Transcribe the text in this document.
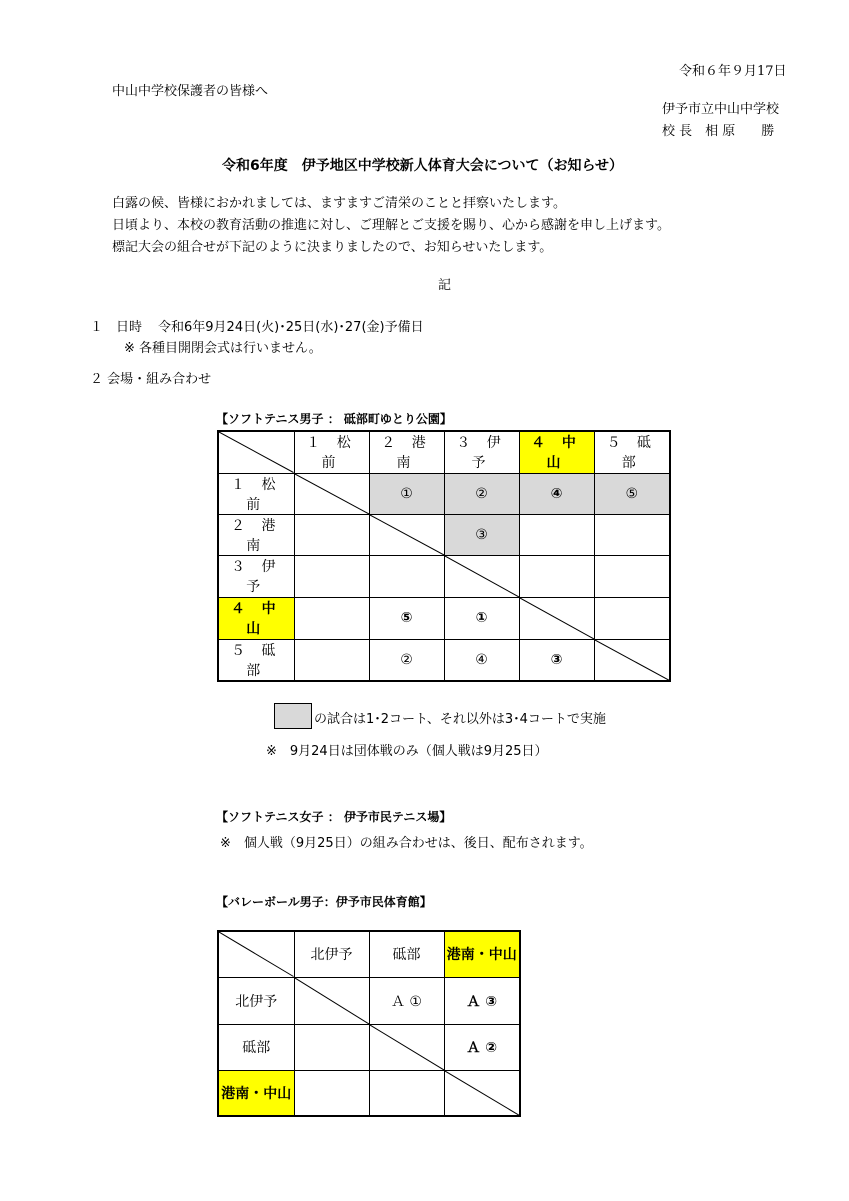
令和６年９月17日
中山中学校保護者の皆様へ
伊予市立中山中学校
校 長　相 原　　勝
令和6年度　伊予地区中学校新人体育大会について（お知らせ）
白露の候、皆様におかれましては、ますますご清栄のことと拝察いたします。
日頃より、本校の教育活動の推進に対し、ご理解とご支援を賜り、心から感謝を申し上げます。
標記大会の組合せが下記のように決まりましたので、お知らせいたします。
記
１　日時 令和6年9月24日(火)･25日(水)･27(金)予備日
※ 各種目開閉会式は行いません。
２ 会場・組み合わせ
【ソフトテニス男子 ： 砥部町ゆとり公園】
	１ 松 前	２ 港 南	３ 伊 予	４ 中 山	５ 砥 部
１ 松 前		①	②	④	⑤
２ 港 南			③		
３ 伊 予			

４ 中 山		⑤	①	

５ 砥 部		②	④	③	
の試合は1･2コート、それ以外は3･4コートで実施
※　9月24日は団体戦のみ（個人戦は9月25日）
【ソフトテニス女子 ： 伊予市民テニス場】
※　個人戦（9月25日）の組み合わせは、後日、配布されます。
【バレーボール男子：伊予市民体育館】
	北伊予	砥部	港南・中山
北伊予		Ａ ①	Ａ ③
砥部			Ａ ②
港南・中山			
